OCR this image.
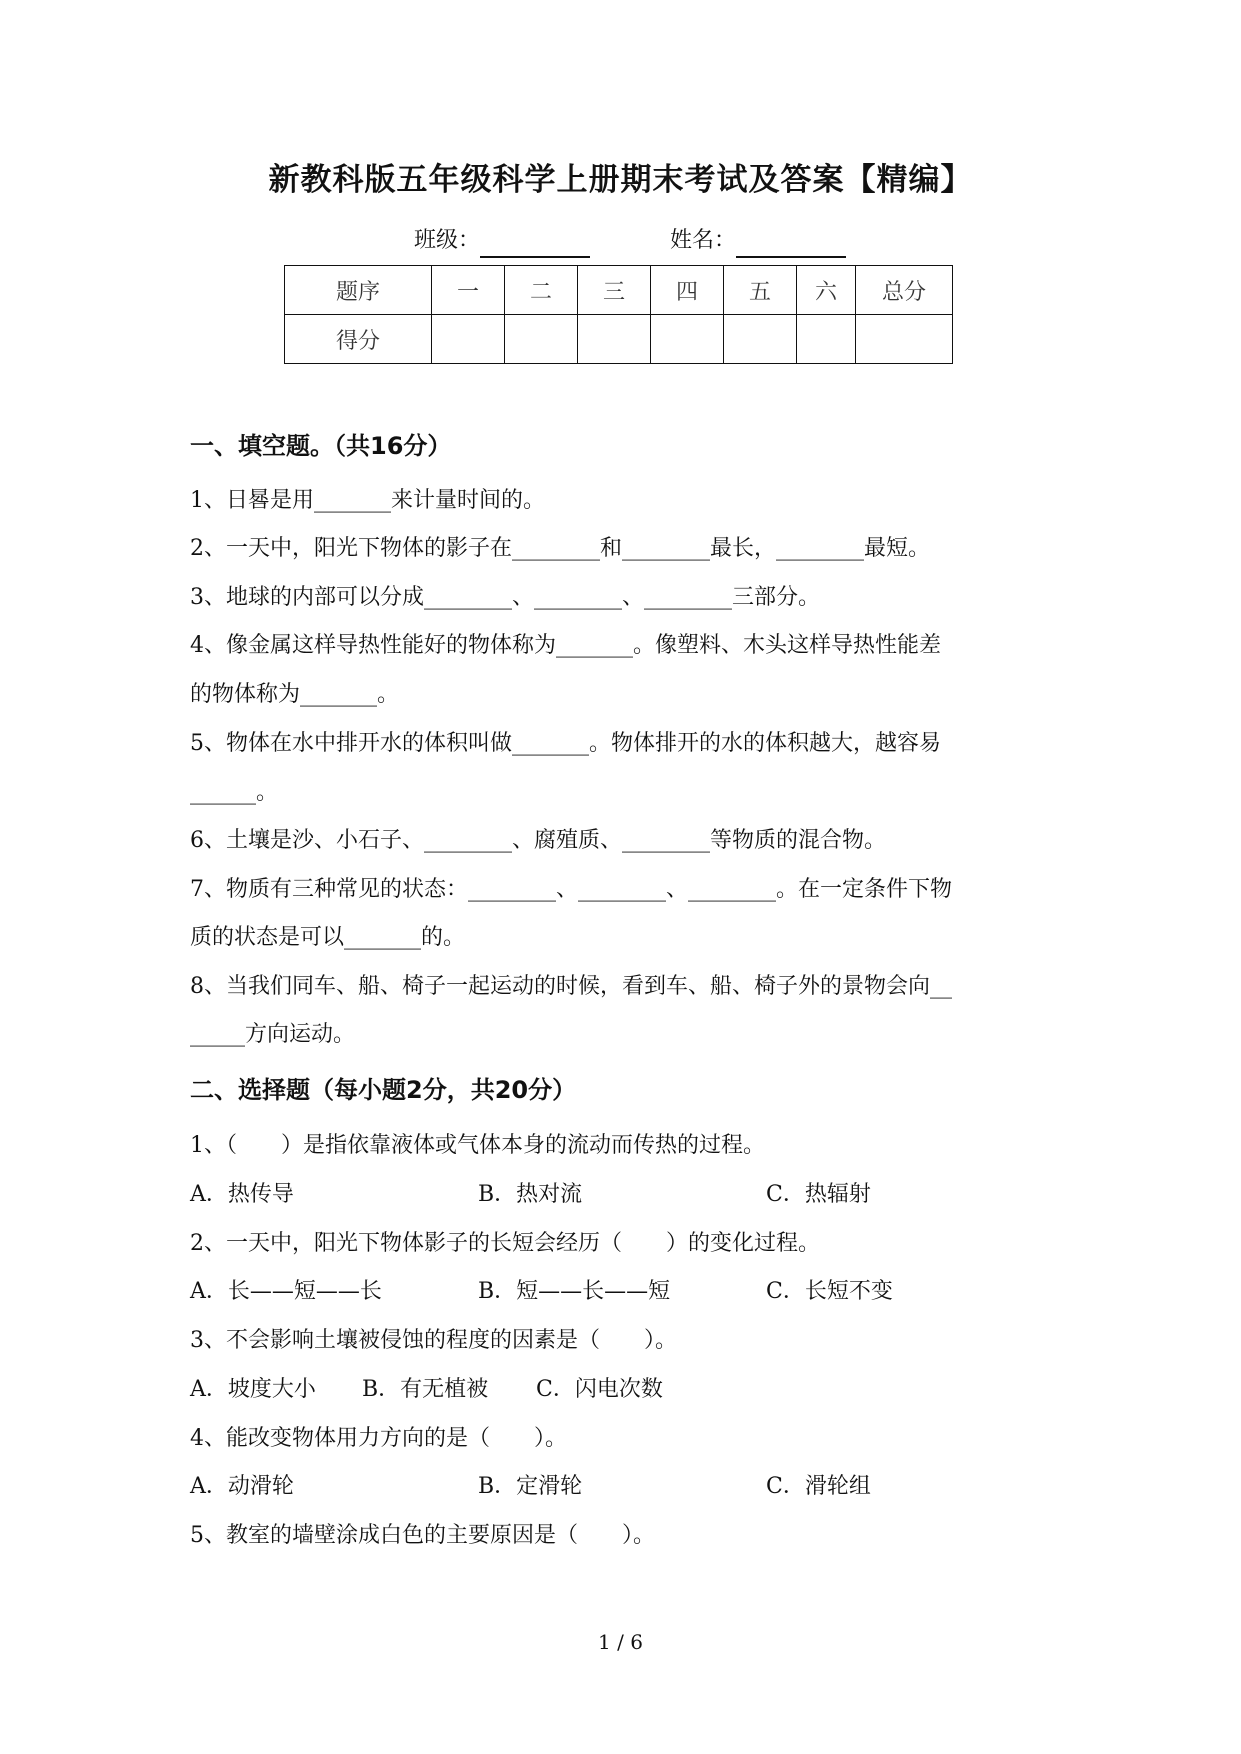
新教科版五年级科学上册期末考试及答案【精编】
班级：	姓名：
题序	一	二	三	四	五	六	总分
得分							
一、填空题。（共16分）
1、日晷是用_______来计量时间的。
2、一天中，阳光下物体的影子在________和________最长，________最短。
3、地球的内部可以分成________、________、________三部分。
4、像金属这样导热性能好的物体称为_______。像塑料、木头这样导热性能差
的物体称为_______。
5、物体在水中排开水的体积叫做_______。物体排开的水的体积越大，越容易
______。
6、土壤是沙、小石子、________、腐殖质、________等物质的混合物。
7、物质有三种常见的状态：________、________、________。在一定条件下物
质的状态是可以_______的。
8、当我们同车、船、椅子一起运动的时候，看到车、船、椅子外的景物会向__
_____方向运动。
二、选择题（每小题2分，共20分）
1、（　　）是指依靠液体或气体本身的流动而传热的过程。
A．热传导	B．热对流	C．热辐射
2、一天中，阳光下物体影子的长短会经历（　　）的变化过程。
A．长——短——长	B．短——长——短	C．长短不变
3、不会影响土壤被侵蚀的程度的因素是（　　）。
A．坡度大小 B．有无植被 C．闪电次数
4、能改变物体用力方向的是（　　）。
A．动滑轮	B．定滑轮	C．滑轮组
5、教室的墙壁涂成白色的主要原因是（　　）。
1 / 6
